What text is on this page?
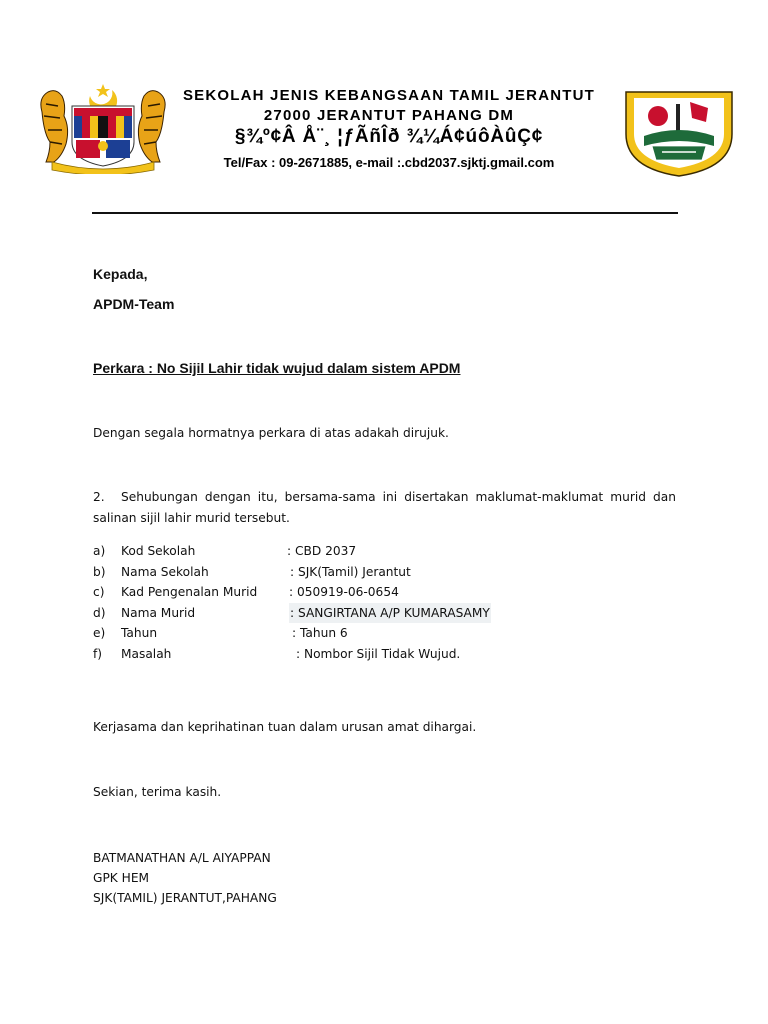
SEKOLAH JENIS KEBANGSAAN TAMIL JERANTUT
27000 JERANTUT PAHANG DM
§¾º¢Â Å¨¸ ¦ƒÃñÎð ¾¼Á¢úôÀûÇ¢
Tel/Fax : 09-2671885, e-mail :.cbd2037.sjktj.gmail.com
Kepada,
APDM-Team
Perkara : No Sijil Lahir tidak wujud dalam sistem APDM
Dengan segala hormatnya perkara di atas adakah dirujuk.
2. Sehubungan dengan itu, bersama-sama ini disertakan maklumat-maklumat murid dan salinan sijil lahir murid tersebut.
a) Kod Sekolah	: CBD 2037
b) Nama Sekolah	: SJK(Tamil) Jerantut
c) Kad Pengenalan Murid	: 050919-06-0654
d) Nama Murid	: SANGIRTANA A/P KUMARASAMY
e) Tahun	: Tahun 6
f) Masalah	: Nombor Sijil Tidak Wujud.
Kerjasama dan keprihatinan tuan dalam urusan amat dihargai.
Sekian, terima kasih.
BATMANATHAN A/L AIYAPPAN
GPK HEM
SJK(TAMIL) JERANTUT,PAHANG
